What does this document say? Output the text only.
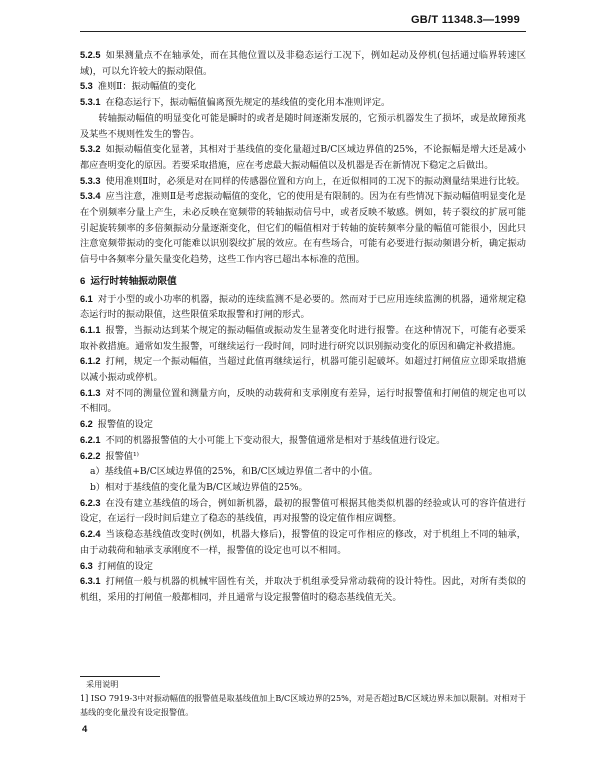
GB/T 11348.3—1999
5.2.5 如果测量点不在轴承处，而在其他位置以及非稳态运行工况下，例如起动及停机(包括通过临界转速区域)，可以允许较大的振动限值。
5.3 准则Ⅱ：振动幅值的变化
5.3.1 在稳态运行下，振动幅值偏离预先规定的基线值的变化用本准则评定。
转轴振动幅值的明显变化可能是瞬时的或者是随时间逐渐发展的，它预示机器发生了损坏，或是故障预兆及某些不规则性发生的警告。
5.3.2 如振动幅值变化显著，其相对于基线值的变化量超过B/C区域边界值的25%，不论振幅是增大还是减小都应查明变化的原因。若要采取措施，应在考虑最大振动幅值以及机器是否在新情况下稳定之后做出。
5.3.3 使用准则Ⅱ时，必须是对在同样的传感器位置和方向上，在近似相同的工况下的振动测量结果进行比较。
5.3.4 应当注意，准则Ⅱ是考虑振动幅值的变化，它的使用是有限制的。因为在有些情况下振动幅值明显变化是在个别频率分量上产生，未必反映在宽频带的转轴振动信号中，或者反映不敏感。例如，转子裂纹的扩展可能引起旋转频率的多倍频振动分量逐渐变化，但它们的幅值相对于转轴的旋转频率分量的幅值可能很小，因此只注意宽频带振动的变化可能难以识别裂纹扩展的效应。在有些场合，可能有必要进行振动频谱分析，确定振动信号中各频率分量矢量变化趋势，这些工作内容已超出本标准的范围。
6 运行时转轴振动限值
6.1 对于小型的或小功率的机器，振动的连续监测不是必要的。然而对于已应用连续监测的机器，通常规定稳态运行时的振动限值，这些限值采取报警和打闸的形式。
6.1.1 报警，当振动达到某个规定的振动幅值或振动发生显著变化时进行报警。在这种情况下，可能有必要采取补救措施。通常如发生报警，可继续运行一段时间，同时进行研究以识别振动变化的原因和确定补救措施。
6.1.2 打闸，规定一个振动幅值，当超过此值再继续运行，机器可能引起破坏。如超过打闸值应立即采取措施以减小振动或停机。
6.1.3 对不同的测量位置和测量方向，反映的动载荷和支承刚度有差异，运行时报警值和打闸值的规定也可以不相同。
6.2 报警值的设定
6.2.1 不同的机器报警值的大小可能上下变动很大，报警值通常是相对于基线值进行设定。
6.2.2 报警值¹⁾
a）基线值+B/C区域边界值的25%，和B/C区域边界值二者中的小值。
b）相对于基线值的变化量为B/C区域边界值的25%。
6.2.3 在没有建立基线值的场合，例如新机器，最初的报警值可根据其他类似机器的经验或认可的容许值进行设定，在运行一段时间后建立了稳态的基线值，再对报警的设定值作相应调整。
6.2.4 当该稳态基线值改变时(例如，机器大修后)，报警值的设定可作相应的修改，对于机组上不同的轴承，由于动载荷和轴承支承刚度不一样，报警值的设定也可以不相同。
6.3 打闸值的设定
6.3.1 打闸值一般与机器的机械牢固性有关，并取决于机组承受异常动载荷的设计特性。因此，对所有类似的机组，采用的打闸值一般都相同，并且通常与设定报警值时的稳态基线值无关。
采用说明
1] ISO 7919-3中对振动幅值的报警值是取基线值加上B/C区域边界的25%，对是否超过B/C区域边界未加以限制。对相对于基线的变化量没有设定报警值。
4
